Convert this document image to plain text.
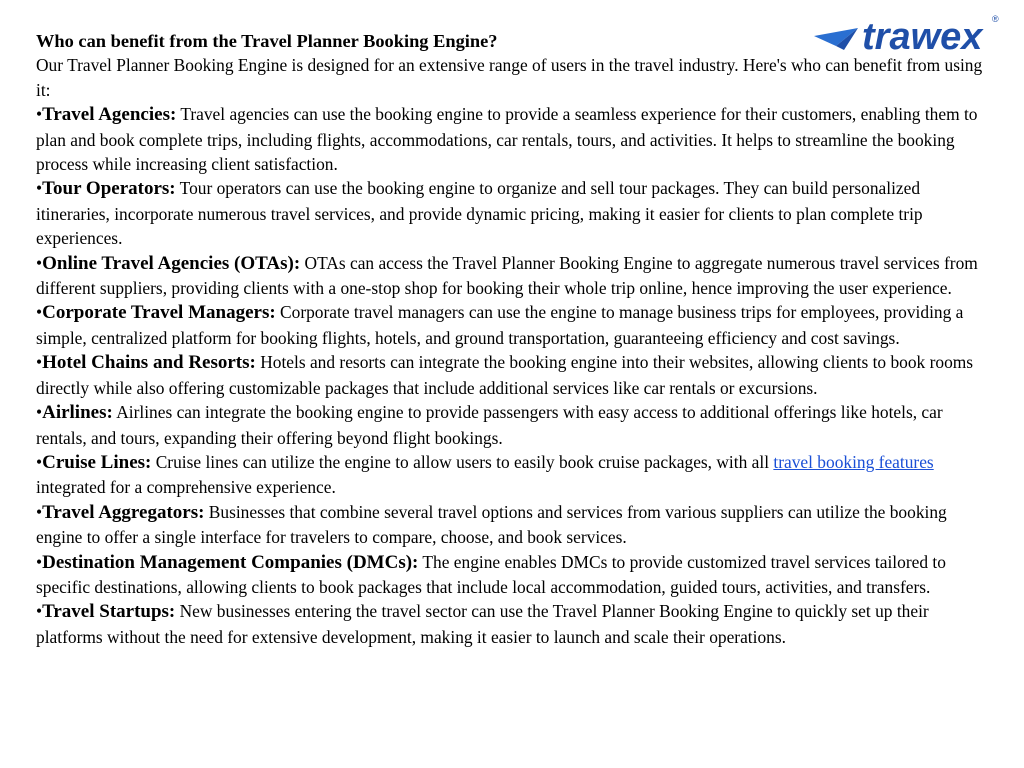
trawex ®

Who can benefit from the Travel Planner Booking Engine?

Our Travel Planner Booking Engine is designed for an extensive range of users in the travel industry. Here's who can benefit from using it:

•Travel Agencies: Travel agencies can use the booking engine to provide a seamless experience for their customers, enabling them to plan and book complete trips, including flights, accommodations, car rentals, tours, and activities. It helps to streamline the booking process while increasing client satisfaction.

•Tour Operators: Tour operators can use the booking engine to organize and sell tour packages. They can build personalized itineraries, incorporate numerous travel services, and provide dynamic pricing, making it easier for clients to plan complete trip experiences.

•Online Travel Agencies (OTAs): OTAs can access the Travel Planner Booking Engine to aggregate numerous travel services from different suppliers, providing clients with a one-stop shop for booking their whole trip online, hence improving the user experience.

•Corporate Travel Managers: Corporate travel managers can use the engine to manage business trips for employees, providing a simple, centralized platform for booking flights, hotels, and ground transportation, guaranteeing efficiency and cost savings.

•Hotel Chains and Resorts: Hotels and resorts can integrate the booking engine into their websites, allowing clients to book rooms directly while also offering customizable packages that include additional services like car rentals or excursions.

•Airlines: Airlines can integrate the booking engine to provide passengers with easy access to additional offerings like hotels, car rentals, and tours, expanding their offering beyond flight bookings.

•Cruise Lines: Cruise lines can utilize the engine to allow users to easily book cruise packages, with all travel booking features integrated for a comprehensive experience.

•Travel Aggregators: Businesses that combine several travel options and services from various suppliers can utilize the booking engine to offer a single interface for travelers to compare, choose, and book services.

•Destination Management Companies (DMCs): The engine enables DMCs to provide customized travel services tailored to specific destinations, allowing clients to book packages that include local accommodation, guided tours, activities, and transfers.

•Travel Startups: New businesses entering the travel sector can use the Travel Planner Booking Engine to quickly set up their platforms without the need for extensive development, making it easier to launch and scale their operations.
